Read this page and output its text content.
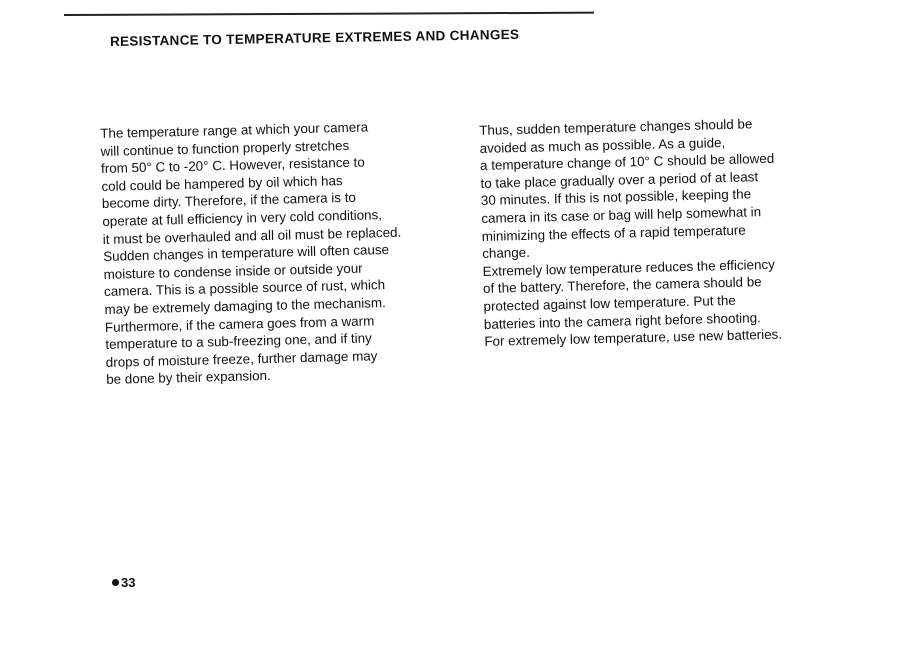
RESISTANCE TO TEMPERATURE EXTREMES AND CHANGES
The temperature range at which your camera
will continue to function properly stretches
from 50° C to -20° C. However, resistance to
cold could be hampered by oil which has
become dirty. Therefore, if the camera is to
operate at full efficiency in very cold conditions,
it must be overhauled and all oil must be replaced.
Sudden changes in temperature will often cause
moisture to condense inside or outside your
camera. This is a possible source of rust, which
may be extremely damaging to the mechanism.
Furthermore, if the camera goes from a warm
temperature to a sub-freezing one, and if tiny
drops of moisture freeze, further damage may
be done by their expansion.
Thus, sudden temperature changes should be
avoided as much as possible. As a guide,
a temperature change of 10° C should be allowed
to take place gradually over a period of at least
30 minutes. If this is not possible, keeping the
camera in its case or bag will help somewhat in
minimizing the effects of a rapid temperature
change.
Extremely low temperature reduces the efficiency
of the battery. Therefore, the camera should be
protected against low temperature. Put the
batteries into the camera right before shooting.
For extremely low temperature, use new batteries.
33
